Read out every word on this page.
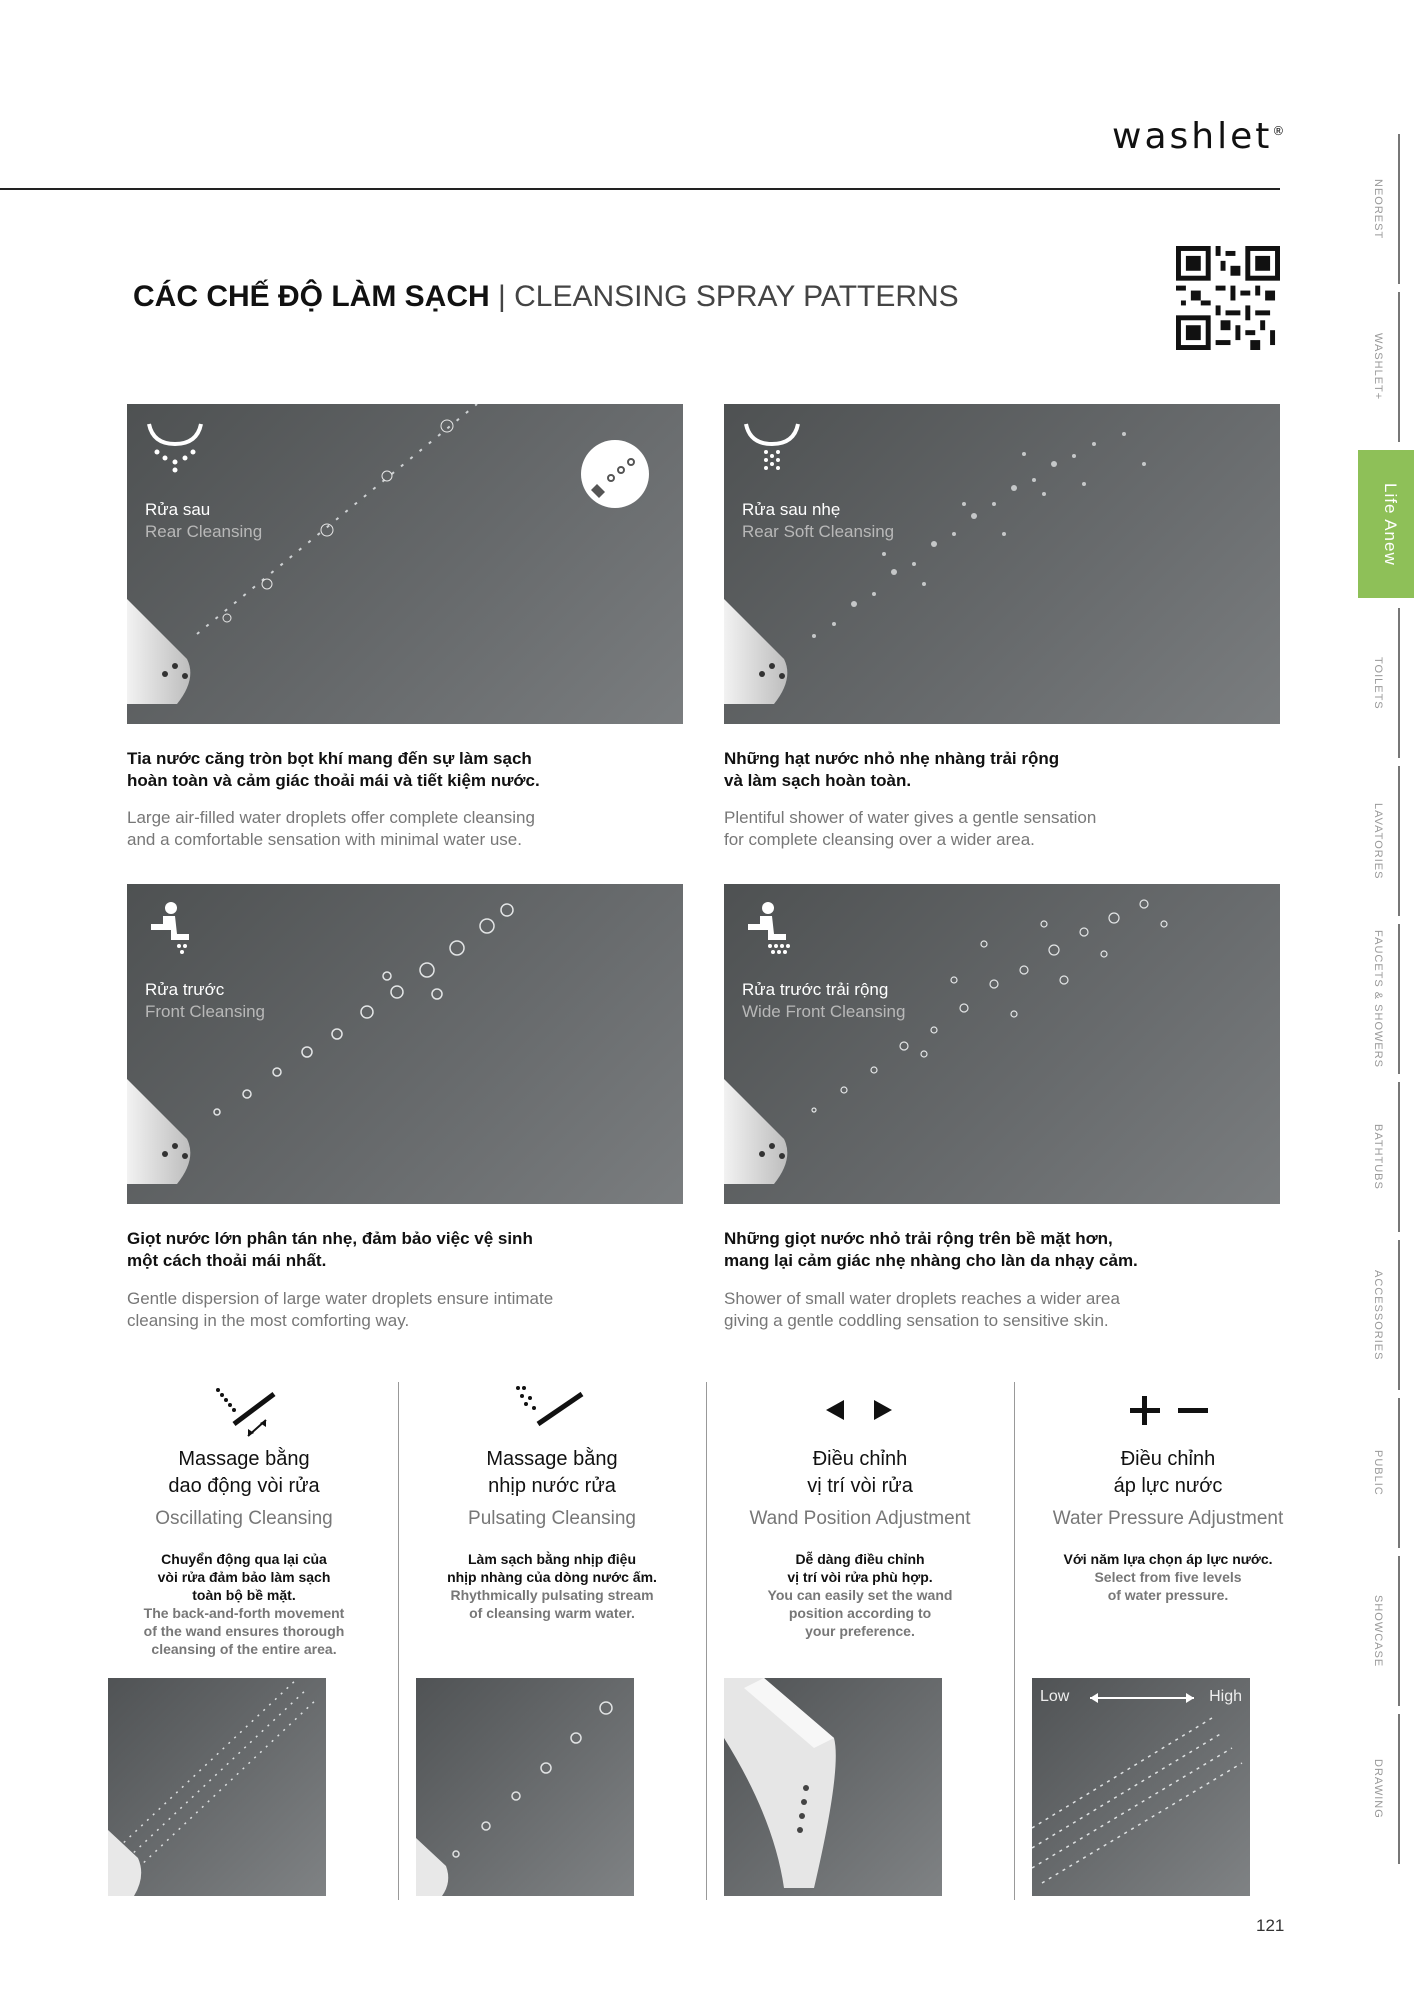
washlet®
CÁC CHẾ ĐỘ LÀM SẠCH | CLEANSING SPRAY PATTERNS
Rửa sau
Rear Cleansing
Rửa sau nhẹ
Rear Soft Cleansing
Rửa trước
Front Cleansing
Rửa trước trải rộng
Wide Front Cleansing
Tia nước căng tròn bọt khí mang đến sự làm sạch
hoàn toàn và cảm giác thoải mái và tiết kiệm nước.
Large air-filled water droplets offer complete cleansing
and a comfortable sensation with minimal water use.
Những hạt nước nhỏ nhẹ nhàng trải rộng
và làm sạch hoàn toàn.
Plentiful shower of water gives a gentle sensation
for complete cleansing over a wider area.
Giọt nước lớn phân tán nhẹ, đảm bảo việc vệ sinh
một cách thoải mái nhất.
Gentle dispersion of large water droplets ensure intimate
cleansing in the most comforting way.
Những giọt nước nhỏ trải rộng trên bề mặt hơn,
mang lại cảm giác nhẹ nhàng cho làn da nhạy cảm.
Shower of small water droplets reaches a wider area
giving a gentle coddling sensation to sensitive skin.
Massage bằng
dao động vòi rửa
Oscillating Cleansing
Chuyển động qua lại của
vòi rửa đảm bảo làm sạch
toàn bộ bề mặt.
The back-and-forth movement
of the wand ensures thorough
cleansing of the entire area.
Massage bằng
nhịp nước rửa
Pulsating Cleansing
Làm sạch bằng nhịp điệu
nhịp nhàng của dòng nước ấm.
Rhythmically pulsating stream
of cleansing warm water.
Điều chỉnh
vị trí vòi rửa
Wand Position Adjustment
Dễ dàng điều chỉnh
vị trí vòi rửa phù hợp.
You can easily set the wand
position according to
your preference.
Điều chỉnh
áp lực nước
Water Pressure Adjustment
Với năm lựa chọn áp lực nước.
Select from five levels
of water pressure.
Low	High
NEOREST
WASHLET+
TOILETS
LAVATORIES
FAUCETS & SHOWERS
BATHTUBS
ACCESSORIES
PUBLIC
SHOWCASE
DRAWING
Life Anew
121
